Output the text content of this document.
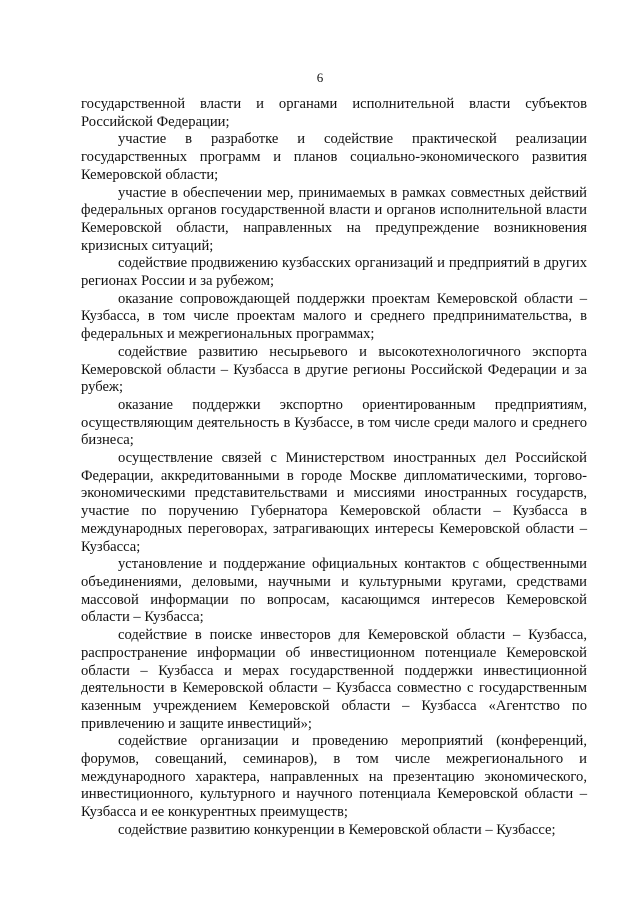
6

государственной власти и органами исполнительной власти субъектов Российской Федерации;

участие в разработке и содействие практической реализации государственных программ и планов социально-экономического развития Кемеровской области;

участие в обеспечении мер, принимаемых в рамках совместных действий федеральных органов государственной власти и органов исполнительной власти Кемеровской области, направленных на предупреждение возникновения кризисных ситуаций;

содействие продвижению кузбасских организаций и предприятий в других регионах России и за рубежом;

оказание сопровождающей поддержки проектам Кемеровской области – Кузбасса, в том числе проектам малого и среднего предпринимательства, в федеральных и межрегиональных программах;

содействие развитию несырьевого и высокотехнологичного экспорта Кемеровской области – Кузбасса в другие регионы Российской Федерации и за рубеж;

оказание поддержки экспортно ориентированным предприятиям, осуществляющим деятельность в Кузбассе, в том числе среди малого и среднего бизнеса;

осуществление связей с Министерством иностранных дел Российской Федерации, аккредитованными в городе Москве дипломатическими, торгово-экономическими представительствами и миссиями иностранных государств, участие по поручению Губернатора Кемеровской области – Кузбасса в международных переговорах, затрагивающих интересы Кемеровской области – Кузбасса;

установление и поддержание официальных контактов с общественными объединениями, деловыми, научными и культурными кругами, средствами массовой информации по вопросам, касающимся интересов Кемеровской области – Кузбасса;

содействие в поиске инвесторов для Кемеровской области – Кузбасса, распространение информации об инвестиционном потенциале Кемеровской области – Кузбасса и мерах государственной поддержки инвестиционной деятельности в Кемеровской области – Кузбасса совместно с государственным казенным учреждением Кемеровской области – Кузбасса «Агентство по привлечению и защите инвестиций»;

содействие организации и проведению мероприятий (конференций, форумов, совещаний, семинаров), в том числе межрегионального и международного характера, направленных на презентацию экономического, инвестиционного, культурного и научного потенциала Кемеровской области – Кузбасса и ее конкурентных преимуществ;

содействие развитию конкуренции в Кемеровской области – Кузбассе;
